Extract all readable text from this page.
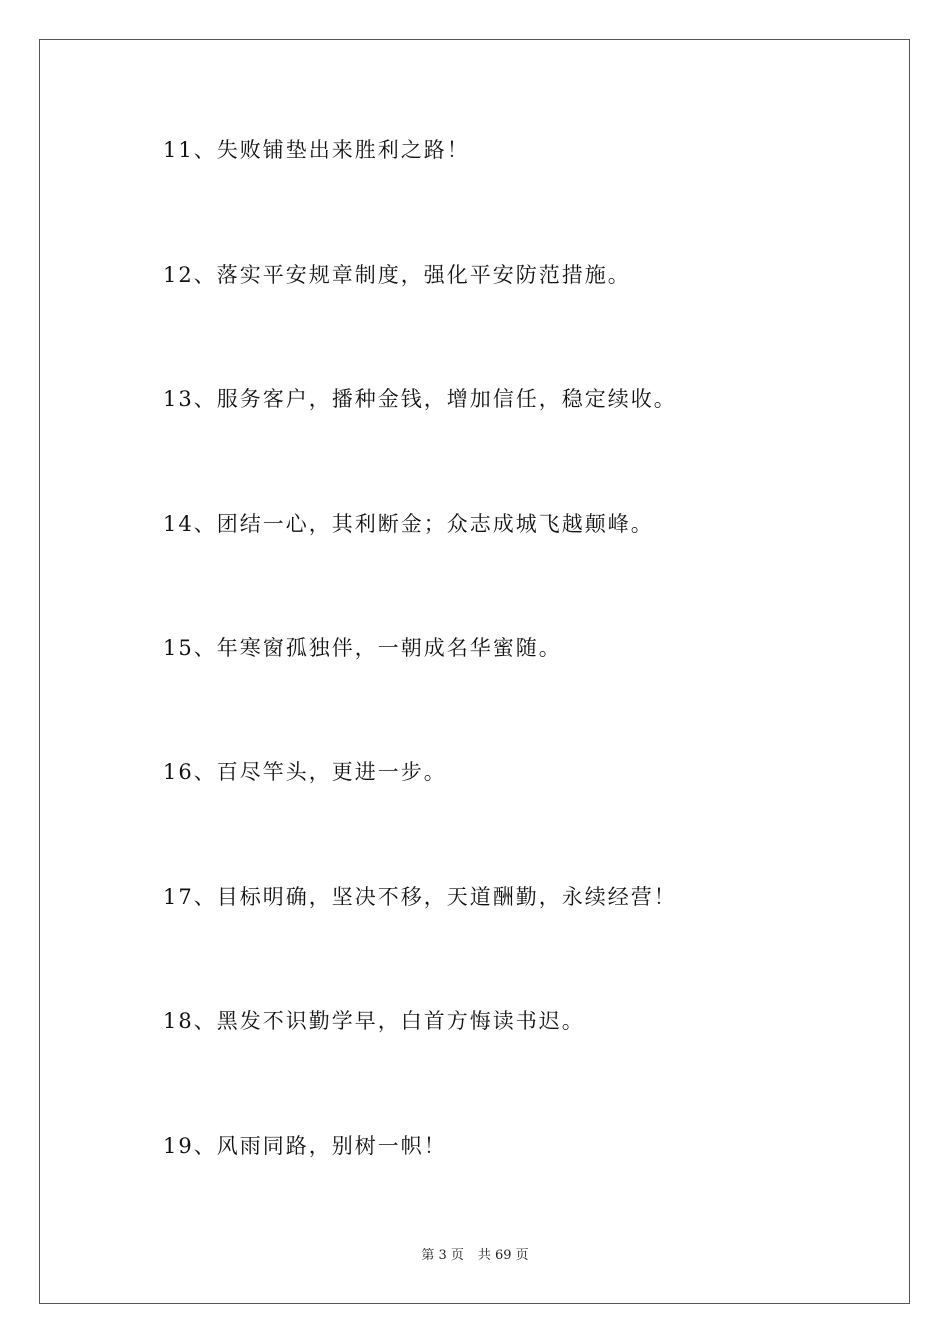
11、失败铺垫出来胜利之路！
12、落实平安规章制度，强化平安防范措施。
13、服务客户，播种金钱，增加信任，稳定续收。
14、团结一心，其利断金；众志成城飞越颠峰。
15、年寒窗孤独伴，一朝成名华蜜随。
16、百尽竿头，更进一步。
17、目标明确，坚决不移，天道酬勤，永续经营！
18、黑发不识勤学早，白首方悔读书迟。
19、风雨同路，别树一帜！
第 3 页 共 69 页
